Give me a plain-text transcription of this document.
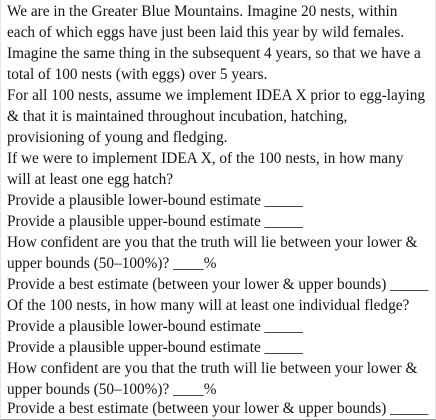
We are in the Greater Blue Mountains. Imagine 20 nests, within
each of which eggs have just been laid this year by wild females.
Imagine the same thing in the subsequent 4 years, so that we have a
total of 100 nests (with eggs) over 5 years.
For all 100 nests, assume we implement IDEA X prior to egg-laying
& that it is maintained throughout incubation, hatching,
provisioning of young and fledging.
If we were to implement IDEA X, of the 100 nests, in how many
will at least one egg hatch?
Provide a plausible lower-bound estimate _____
Provide a plausible upper-bound estimate _____
How confident are you that the truth will lie between your lower &
upper bounds (50–100%)? ____%
Provide a best estimate (between your lower & upper bounds) _____
Of the 100 nests, in how many will at least one individual fledge?
Provide a plausible lower-bound estimate _____
Provide a plausible upper-bound estimate _____
How confident are you that the truth will lie between your lower &
upper bounds (50–100%)? ____%
Provide a best estimate (between your lower & upper bounds) _____
